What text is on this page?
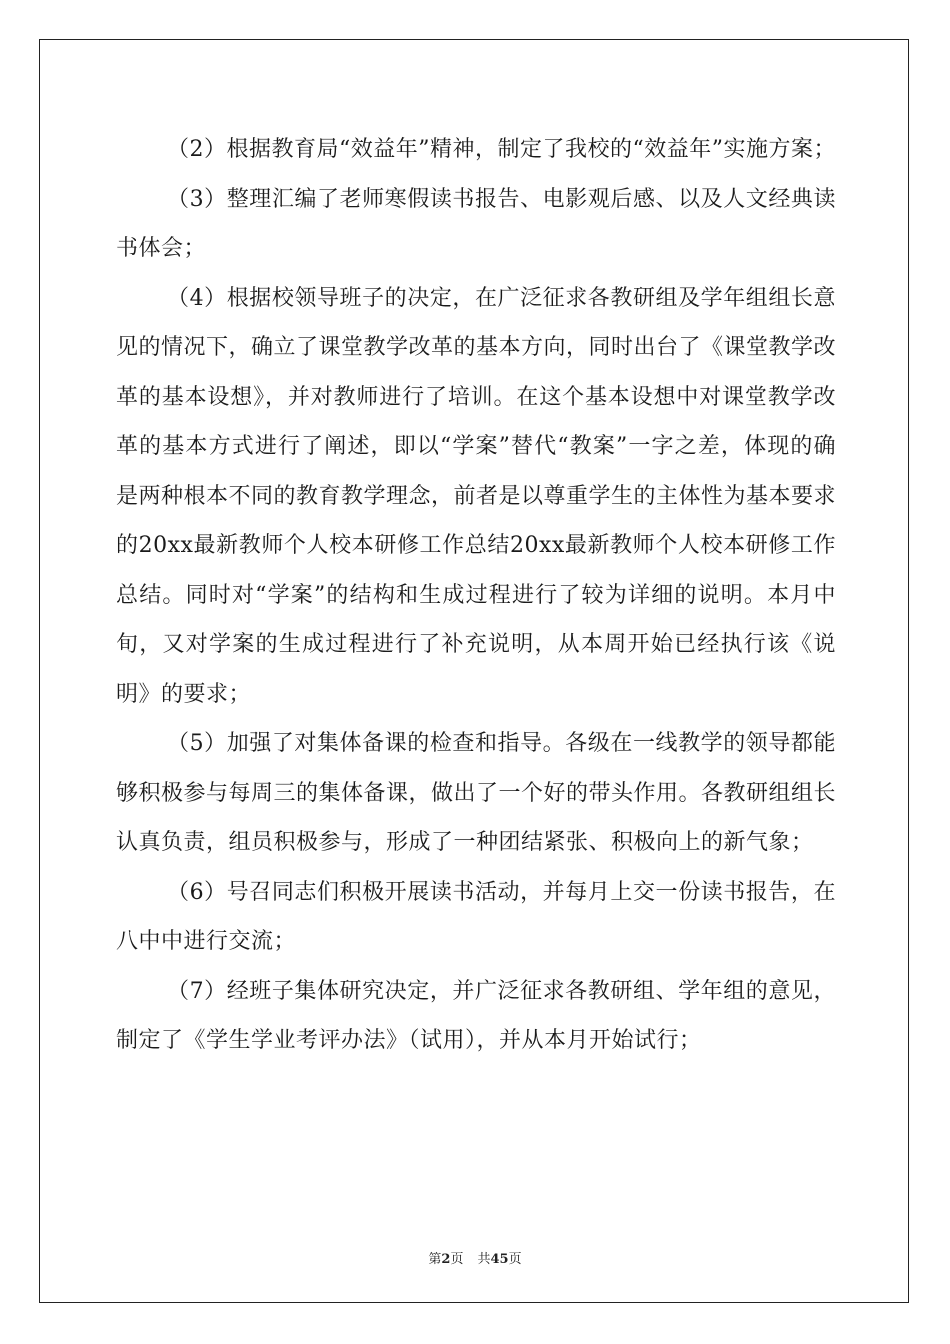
（2）根据教育局“效益年”精神，制定了我校的“效益年”实施方案；

（3）整理汇编了老师寒假读书报告、电影观后感、以及人文经典读书体会；

（4）根据校领导班子的决定，在广泛征求各教研组及学年组组长意见的情况下，确立了课堂教学改革的基本方向，同时出台了《课堂教学改革的基本设想》，并对教师进行了培训。在这个基本设想中对课堂教学改革的基本方式进行了阐述，即以“学案”替代“教案”一字之差，体现的确是两种根本不同的教育教学理念，前者是以尊重学生的主体性为基本要求的20xx最新教师个人校本研修工作总结20xx最新教师个人校本研修工作总结。同时对“学案”的结构和生成过程进行了较为详细的说明。本月中旬，又对学案的生成过程进行了补充说明，从本周开始已经执行该《说明》的要求；

（5）加强了对集体备课的检查和指导。各级在一线教学的领导都能够积极参与每周三的集体备课，做出了一个好的带头作用。各教研组组长认真负责，组员积极参与，形成了一种团结紧张、积极向上的新气象；

（6）号召同志们积极开展读书活动，并每月上交一份读书报告，在八中中进行交流；

（7）经班子集体研究决定，并广泛征求各教研组、学年组的意见，制定了《学生学业考评办法》（试用），并从本月开始试行；

第2页 共45页
